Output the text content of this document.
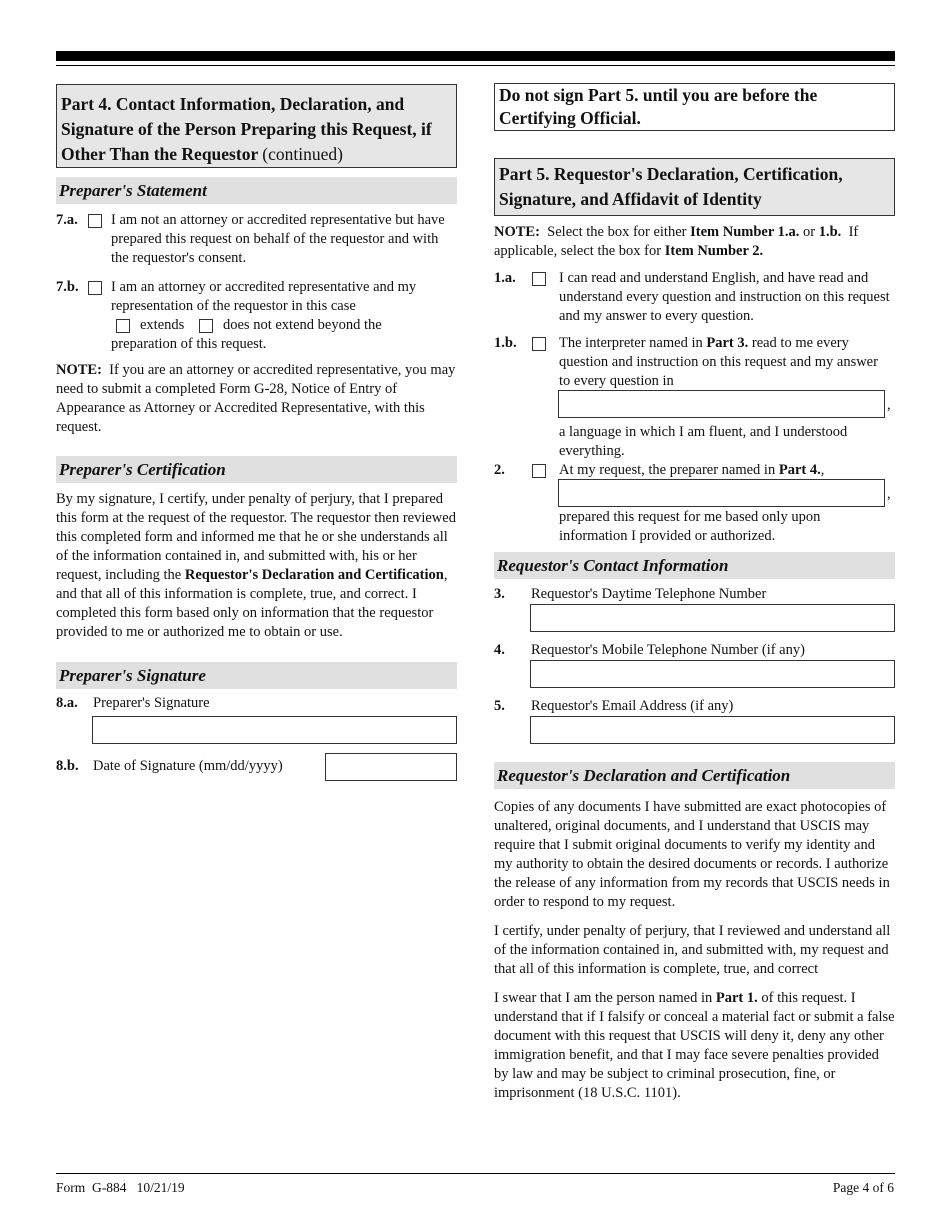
Part 4. Contact Information, Declaration, and Signature of the Person Preparing this Request, if Other Than the Requestor (continued)
Preparer's Statement
7.a. I am not an attorney or accredited representative but have prepared this request on behalf of the requestor and with the requestor's consent.
7.b. I am an attorney or accredited representative and my representation of the requestor in this case
extends	does not extend beyond the
preparation of this request.

NOTE: If you are an attorney or accredited representative, you may need to submit a completed Form G-28, Notice of Entry of Appearance as Attorney or Accredited Representative, with this request.

Preparer's Certification

By my signature, I certify, under penalty of perjury, that I prepared this form at the request of the requestor. The requestor then reviewed this completed form and informed me that he or she understands all of the information contained in, and submitted with, his or her request, including the Requestor's Declaration and Certification, and that all of this information is complete, true, and correct. I completed this form based only on information that the requestor provided to me or authorized me to obtain or use.

Preparer's Signature
8.a. Preparer's Signature
8.b. Date of Signature (mm/dd/yyyy)
Do not sign Part 5. until you are before the Certifying Official.
Part 5. Requestor's Declaration, Certification, Signature, and Affidavit of Identity

NOTE: Select the box for either Item Number 1.a. or 1.b. If applicable, select the box for Item Number 2.

1.a.	I can read and understand English, and have read and understand every question and instruction on this request and my answer to every question.
1.b.	The interpreter named in Part 3. read to me every question and instruction on this request and my answer to every question in
,
a language in which I am fluent, and I understood everything.
2.	At my request, the preparer named in Part 4.,
,
prepared this request for me based only upon information I provided or authorized.
Requestor's Contact Information
3. Requestor's Daytime Telephone Number
4. Requestor's Mobile Telephone Number (if any)
5. Requestor's Email Address (if any)
Requestor's Declaration and Certification

Copies of any documents I have submitted are exact photocopies of unaltered, original documents, and I understand that USCIS may require that I submit original documents to verify my identity and my authority to obtain the desired documents or records. I authorize the release of any information from my records that USCIS needs in order to respond to my request.

I certify, under penalty of perjury, that I reviewed and understand all of the information contained in, and submitted with, my request and that all of this information is complete, true, and correct

I swear that I am the person named in Part 1. of this request. I understand that if I falsify or conceal a material fact or submit a false document with this request that USCIS will deny it, deny any other immigration benefit, and that I may face severe penalties provided by law and may be subject to criminal prosecution, fine, or imprisonment (18 U.S.C. 1101).

Form  G-884   10/21/19	Page 4 of 6
